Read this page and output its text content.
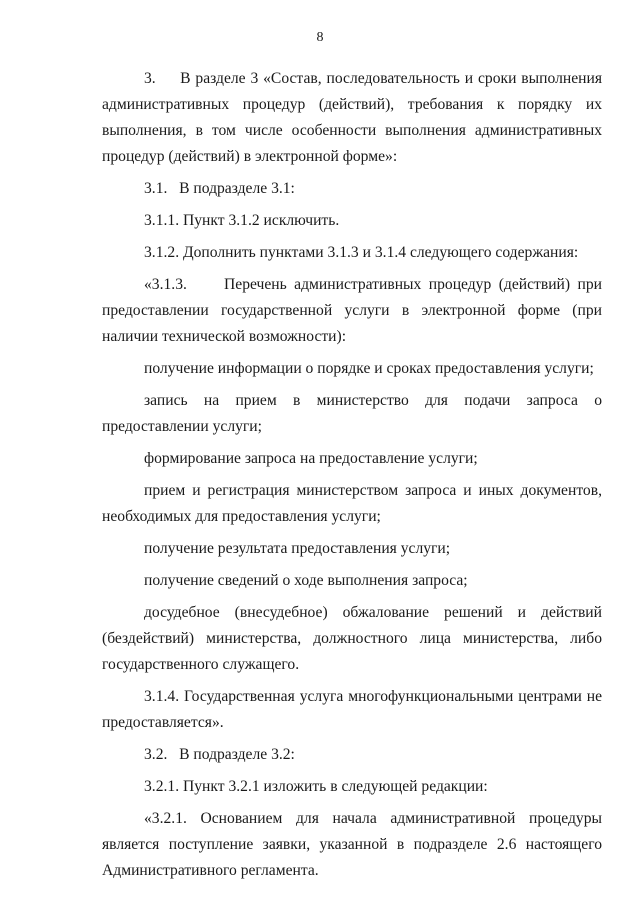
8

3.     В разделе 3 «Состав, последовательность и сроки выполнения административных процедур (действий), требования к порядку их выполнения, в том числе особенности выполнения административных процедур (действий) в электронной форме»:

3.1.   В подразделе 3.1:

3.1.1. Пункт 3.1.2 исключить.

3.1.2. Дополнить пунктами 3.1.3 и 3.1.4 следующего содержания:

«3.1.3.     Перечень административных процедур (действий) при предоставлении государственной услуги в электронной форме (при наличии технической возможности):

получение информации о порядке и сроках предоставления услуги;

запись на прием в министерство для подачи запроса о предоставлении услуги;

формирование запроса на предоставление услуги;

прием и регистрация министерством запроса и иных документов, необходимых для предоставления услуги;

получение результата предоставления услуги;

получение сведений о ходе выполнения запроса;

досудебное (внесудебное) обжалование решений и действий (бездействий) министерства, должностного лица министерства, либо государственного служащего.

3.1.4. Государственная услуга многофункциональными центрами не предоставляется».

3.2.   В подразделе 3.2:

3.2.1. Пункт 3.2.1 изложить в следующей редакции:

«3.2.1. Основанием для начала административной процедуры является поступление заявки, указанной в подразделе 2.6 настоящего Административного регламента.
